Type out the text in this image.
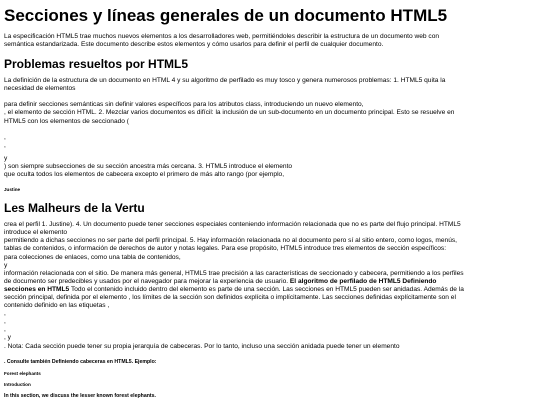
Secciones y líneas generales de un documento HTML5

La especificación HTML5 trae muchos nuevos elementos a los desarrolladores web, permitiéndoles describir la estructura de un documento web con

semántica estandarizada. Este documento describe estos elementos y cómo usarlos para definir el perfil de cualquier documento.

Problemas resueltos por HTML5

La definición de la estructura de un documento en HTML 4 y su algoritmo de perfilado es muy tosco y genera numerosos problemas: 1. HTML5 quita la

necesidad de elementos

para definir secciones semánticas sin definir valores específicos para los atributos class, introduciendo un nuevo elemento,

, el elemento de sección HTML. 2. Mezclar varios documentos es difícil: la inclusión de un sub-documento en un documento principal. Esto se resuelve en

HTML5 con los elementos de seccionado (

,

,

y

) son siempre subsecciones de su sección ancestra más cercana. 3. HTML5 introduce el elemento

que oculta todos los elementos de cabecera excepto el primero de más alto rango (por ejemplo,

Justine

Les Malheurs de la Vertu

crea el perfil 1. Justine). 4. Un documento puede tener secciones especiales conteniendo información relacionada que no es parte del flujo principal. HTML5

introduce el elemento

permitiendo a dichas secciones no ser parte del perfil principal. 5. Hay información relacionada no al documento pero sí al sitio entero, como logos, menús,

tablas de contenidos, o información de derechos de autor y notas legales. Para ese propósito, HTML5 introduce tres elementos de sección específicos:

para colecciones de enlaces, como una tabla de contenidos,

y

información relacionada con el sitio. De manera más general, HTML5 trae precisión a las características de seccionado y cabecera, permitiendo a los perfiles

de documento ser predecibles y usados por el navegador para mejorar la experiencia de usuario. El algoritmo de perfilado de HTML5 Definiendo

secciones en HTML5 Todo el contenido incluido dentro del elemento es parte de una sección. Las secciones en HTML5 pueden ser anidadas. Además de la

sección principal, definida por el elemento , los límites de la sección son definidos explícita o implícitamente. Las secciones definidas explícitamente son el

contenido definido en las etiquetas ,

,

,

,

, y

. Nota: Cada sección puede tener su propia jerarquía de cabeceras. Por lo tanto, incluso una sección anidada puede tener un elemento

. Consulte también Definiendo cabeceras en HTML5. Ejemplo:

Forest elephants

Introduction

In this section, we discuss the lesser known forest elephants.
